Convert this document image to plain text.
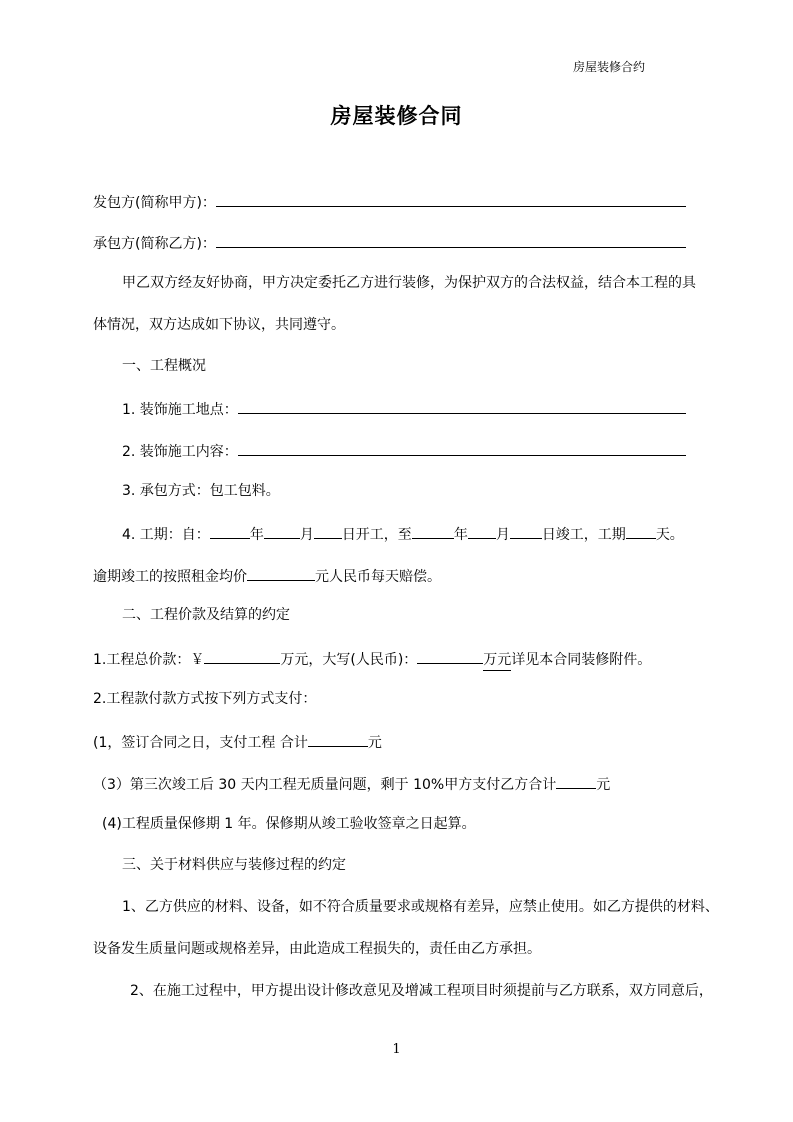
房屋装修合约
房屋装修合同
发包方(简称甲方)：
承包方(简称乙方)：
甲乙双方经友好协商，甲方决定委托乙方进行装修，为保护双方的合法权益，结合本工程的具
体情况，双方达成如下协议，共同遵守。
一、工程概况
1. 装饰施工地点：
2. 装饰施工内容：
3. 承包方式：包工包料。
4. 工期：自：	年	月 日开工，至	年 月 日竣工，工期 天。
逾期竣工的按照租金均价	元人民币每天赔偿。
二、工程价款及结算的约定
1.工程总价款：￥	万元，大写(人民币)：	万元详见本合同装修附件。
2.工程款付款方式按下列方式支付：
(1，签订合同之日，支付工程 合计	元
（3）第三次竣工后 30 天内工程无质量问题，剩于 10%甲方支付乙方合计	元
(4)工程质量保修期 1 年。保修期从竣工验收签章之日起算。
三、关于材料供应与装修过程的约定
1、乙方供应的材料、设备，如不符合质量要求或规格有差异，应禁止使用。如乙方提供的材料、
设备发生质量问题或规格差异，由此造成工程损失的，责任由乙方承担。
2、在施工过程中，甲方提出设计修改意见及增减工程项目时须提前与乙方联系，双方同意后，
1
